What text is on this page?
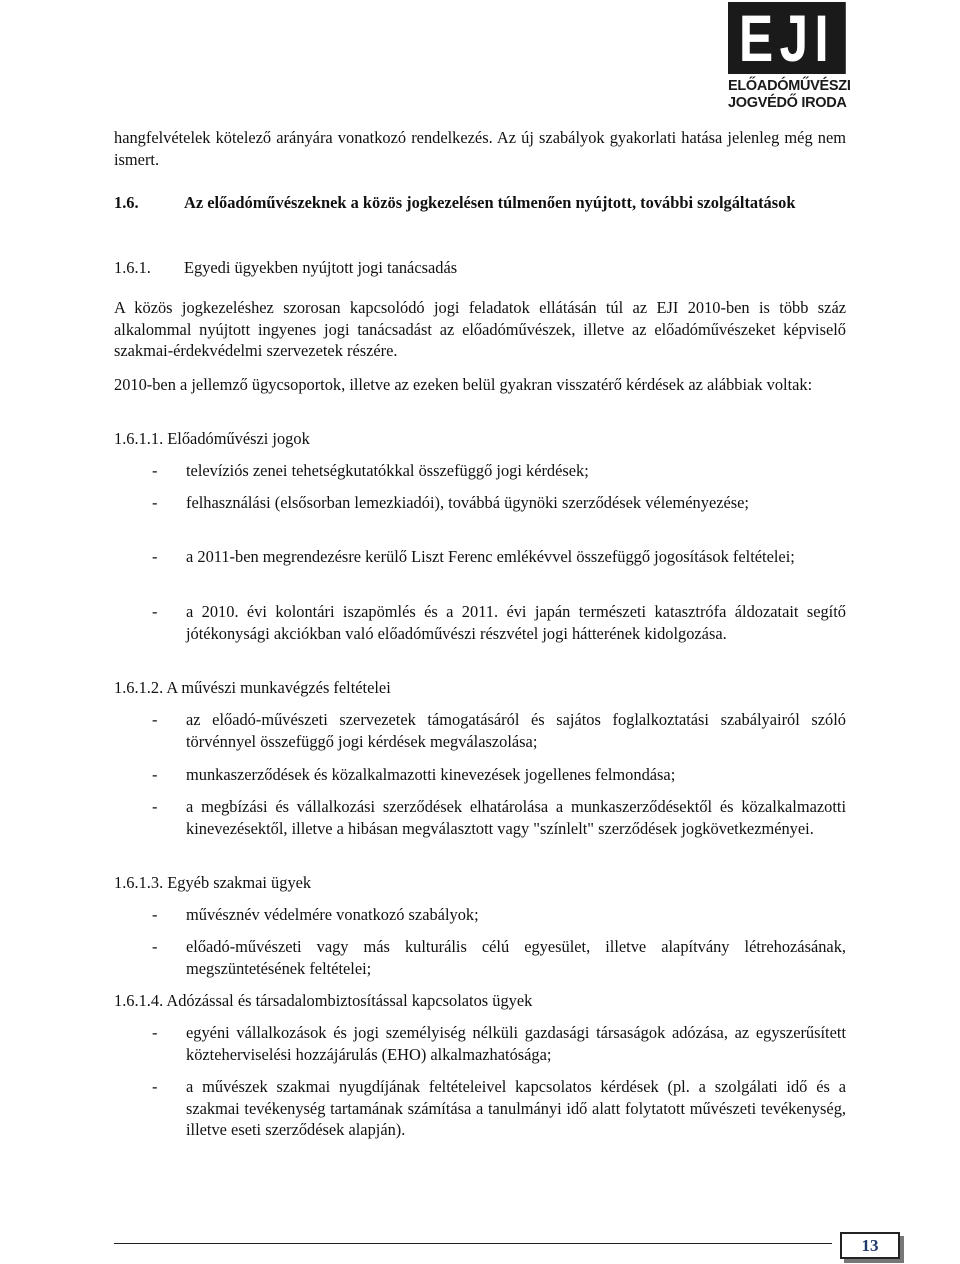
EJI
ELŐADÓMŰVÉSZI
JOGVÉDŐ IRODA
hangfelvételek kötelező arányára vonatkozó rendelkezés. Az új szabályok gyakorlati hatása jelenleg még nem ismert.
1.6.	Az előadóművészeknek a közös jogkezelésen túlmenően nyújtott, további szolgáltatások
1.6.1. Egyedi ügyekben nyújtott jogi tanácsadás
A közös jogkezeléshez szorosan kapcsolódó jogi feladatok ellátásán túl az EJI 2010-ben is több száz alkalommal nyújtott ingyenes jogi tanácsadást az előadóművészek, illetve az előadóművészeket képviselő szakmai-érdekvédelmi szervezetek részére.
2010-ben a jellemző ügycsoportok, illetve az ezeken belül gyakran visszatérő kérdések az alábbiak voltak:
1.6.1.1. Előadóművészi jogok
- televíziós zenei tehetségkutatókkal összefüggő jogi kérdések;
- felhasználási (elsősorban lemezkiadói), továbbá ügynöki szerződések véleményezése;
- a 2011-ben megrendezésre kerülő Liszt Ferenc emlékévvel összefüggő jogosítások feltételei;
- a 2010. évi kolontári iszapömlés és a 2011. évi japán természeti katasztrófa áldozatait segítő jótékonysági akciókban való előadóművészi részvétel jogi hátterének kidolgozása.
1.6.1.2. A művészi munkavégzés feltételei
- az előadó-művészeti szervezetek támogatásáról és sajátos foglalkoztatási szabályairól szóló törvénnyel összefüggő jogi kérdések megválaszolása;
- munkaszerződések és közalkalmazotti kinevezések jogellenes felmondása;
- a megbízási és vállalkozási szerződések elhatárolása a munkaszerződésektől és közalkalmazotti kinevezésektől, illetve a hibásan megválasztott vagy "színlelt" szerződések jogkövetkezményei.
1.6.1.3. Egyéb szakmai ügyek
- művésznév védelmére vonatkozó szabályok;
- előadó-művészeti vagy más kulturális célú egyesület, illetve alapítvány létrehozásának, megszüntetésének feltételei;
1.6.1.4. Adózással és társadalombiztosítással kapcsolatos ügyek
- egyéni vállalkozások és jogi személyiség nélküli gazdasági társaságok adózása, az egyszerűsített közteherviselési hozzájárulás (EHO) alkalmazhatósága;
- a művészek szakmai nyugdíjának feltételeivel kapcsolatos kérdések (pl. a szolgálati idő és a szakmai tevékenység tartamának számítása a tanulmányi idő alatt folytatott művészeti tevékenység, illetve eseti szerződések alapján).
13
